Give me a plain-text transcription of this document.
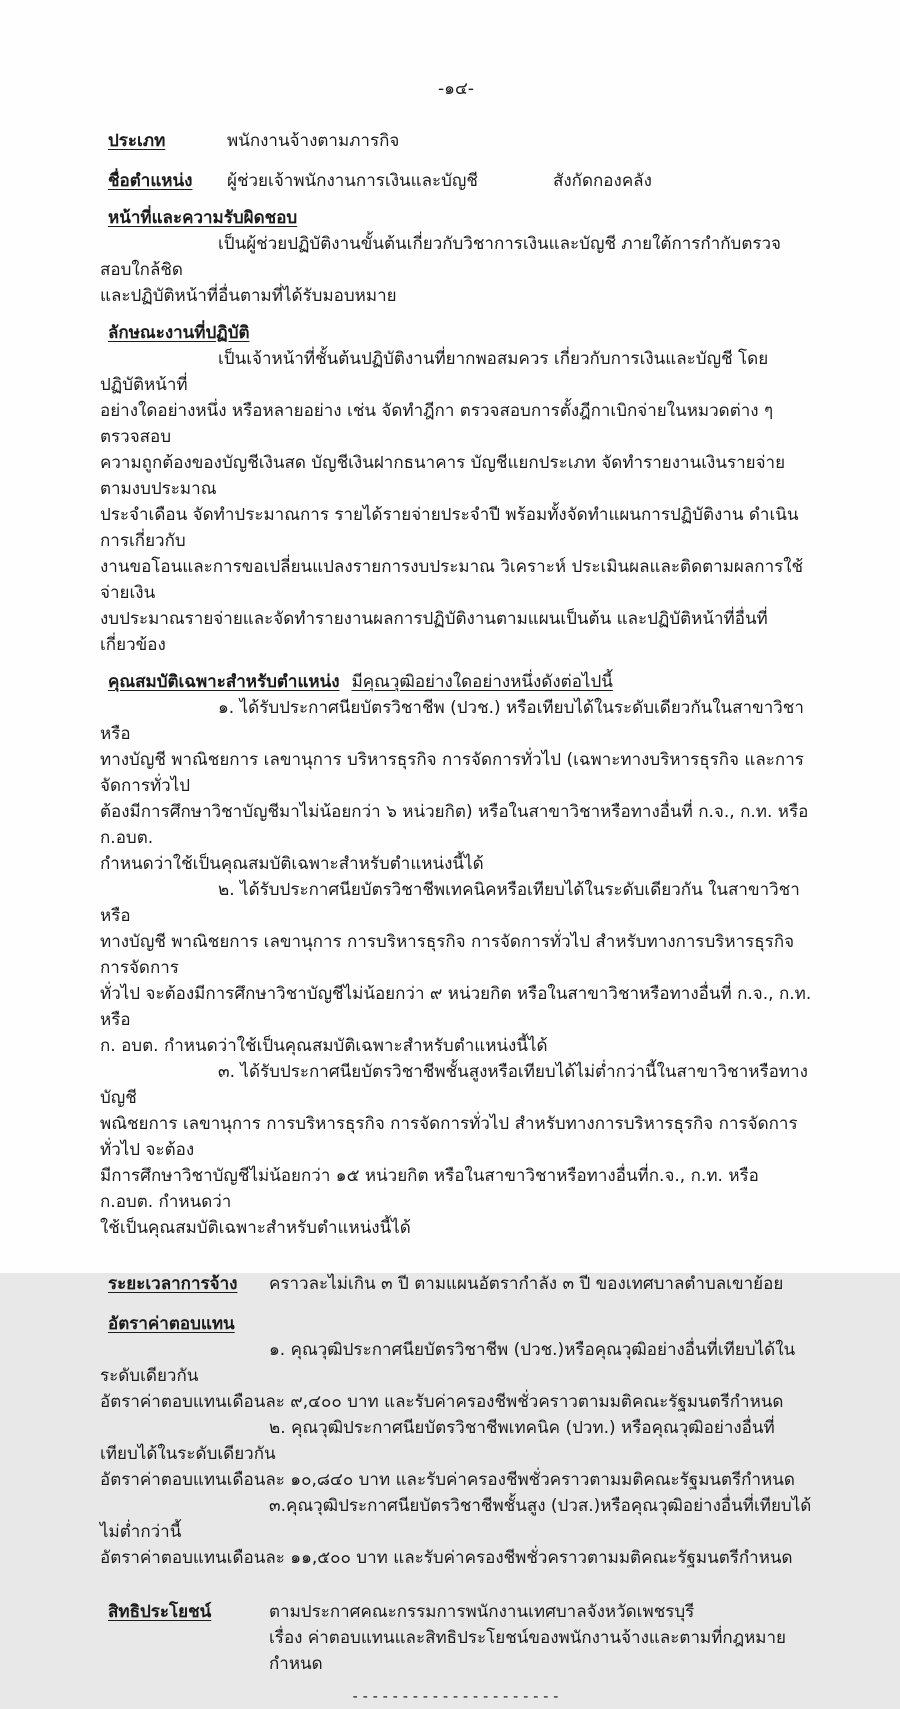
-๑๔-
ประเภท	พนักงานจ้างตามภารกิจ
ชื่อตำแหน่ง	ผู้ช่วยเจ้าพนักงานการเงินและบัญชี	สังกัดกองคลัง
หน้าที่และความรับผิดชอบ
เป็นผู้ช่วยปฏิบัติงานขั้นต้นเกี่ยวกับวิชาการเงินและบัญชี ภายใต้การกำกับตรวจสอบใกล้ชิด
และปฏิบัติหน้าที่อื่นตามที่ได้รับมอบหมาย
ลักษณะงานที่ปฏิบัติ
เป็นเจ้าหน้าที่ชั้นต้นปฏิบัติงานที่ยากพอสมควร เกี่ยวกับการเงินและบัญชี โดยปฏิบัติหน้าที่
อย่างใดอย่างหนึ่ง หรือหลายอย่าง เช่น จัดทำฎีกา ตรวจสอบการตั้งฎีกาเบิกจ่ายในหมวดต่าง ๆ ตรวจสอบ
ความถูกต้องของบัญชีเงินสด บัญชีเงินฝากธนาคาร บัญชีแยกประเภท จัดทำรายงานเงินรายจ่ายตามงบประมาณ
ประจำเดือน จัดทำประมาณการ รายได้รายจ่ายประจำปี พร้อมทั้งจัดทำแผนการปฏิบัติงาน ดำเนินการเกี่ยวกับ
งานขอโอนและการขอเปลี่ยนแปลงรายการงบประมาณ วิเคราะห์ ประเมินผลและติดตามผลการใช้จ่ายเงิน
งบประมาณรายจ่ายและจัดทำรายงานผลการปฏิบัติงานตามแผนเป็นต้น และปฏิบัติหน้าที่อื่นที่เกี่ยวข้อง
คุณสมบัติเฉพาะสำหรับตำแหน่ง มีคุณวุฒิอย่างใดอย่างหนึ่งดังต่อไปนี้
๑. ได้รับประกาศนียบัตรวิชาชีพ (ปวช.) หรือเทียบได้ในระดับเดียวกันในสาขาวิชาหรือ
ทางบัญชี พาณิชยการ เลขานุการ บริหารธุรกิจ การจัดการทั่วไป (เฉพาะทางบริหารธุรกิจ และการจัดการทั่วไป
ต้องมีการศึกษาวิชาบัญชีมาไม่น้อยกว่า ๖ หน่วยกิต) หรือในสาขาวิชาหรือทางอื่นที่ ก.จ., ก.ท. หรือ ก.อบต.
กำหนดว่าใช้เป็นคุณสมบัติเฉพาะสำหรับตำแหน่งนี้ได้
๒. ได้รับประกาศนียบัตรวิชาชีพเทคนิคหรือเทียบได้ในระดับเดียวกัน ในสาขาวิชาหรือ
ทางบัญชี พาณิชยการ เลขานุการ การบริหารธุรกิจ การจัดการทั่วไป สำหรับทางการบริหารธุรกิจ การจัดการ
ทั่วไป จะต้องมีการศึกษาวิชาบัญชีไม่น้อยกว่า ๙ หน่วยกิต หรือในสาขาวิชาหรือทางอื่นที่ ก.จ., ก.ท. หรือ
ก. อบต. กำหนดว่าใช้เป็นคุณสมบัติเฉพาะสำหรับตำแหน่งนี้ได้
๓. ได้รับประกาศนียบัตรวิชาชีพชั้นสูงหรือเทียบได้ไม่ต่ำกว่านี้ในสาขาวิชาหรือทางบัญชี
พณิชยการ เลขานุการ การบริหารธุรกิจ การจัดการทั่วไป สำหรับทางการบริหารธุรกิจ การจัดการทั่วไป จะต้อง
มีการศึกษาวิชาบัญชีไม่น้อยกว่า ๑๕ หน่วยกิต หรือในสาขาวิชาหรือทางอื่นที่ก.จ., ก.ท. หรือ ก.อบต. กำหนดว่า
ใช้เป็นคุณสมบัติเฉพาะสำหรับตำแหน่งนี้ได้
ระยะเวลาการจ้าง	คราวละไม่เกิน ๓ ปี ตามแผนอัตรากำลัง ๓ ปี ของเทศบาลตำบลเขาย้อย
อัตราค่าตอบแทน
๑. คุณวุฒิประกาศนียบัตรวิชาชีพ (ปวช.)หรือคุณวุฒิอย่างอื่นที่เทียบได้ในระดับเดียวกัน
อัตราค่าตอบแทนเดือนละ ๙,๔๐๐ บาท และรับค่าครองชีพชั่วคราวตามมติคณะรัฐมนตรีกำหนด
๒. คุณวุฒิประกาศนียบัตรวิชาชีพเทคนิค (ปวท.) หรือคุณวุฒิอย่างอื่นที่เทียบได้ในระดับเดียวกัน
อัตราค่าตอบแทนเดือนละ ๑๐,๘๔๐ บาท และรับค่าครองชีพชั่วคราวตามมติคณะรัฐมนตรีกำหนด
๓.คุณวุฒิประกาศนียบัตรวิชาชีพชั้นสูง (ปวส.)หรือคุณวุฒิอย่างอื่นที่เทียบได้ไม่ต่ำกว่านี้
อัตราค่าตอบแทนเดือนละ ๑๑,๕๐๐ บาท และรับค่าครองชีพชั่วคราวตามมติคณะรัฐมนตรีกำหนด
สิทธิประโยชน์	ตามประกาศคณะกรรมการพนักงานเทศบาลจังหวัดเพชรบุรี
เรื่อง ค่าตอบแทนและสิทธิประโยชน์ของพนักงานจ้างและตามที่กฎหมายกำหนด
---------------------
